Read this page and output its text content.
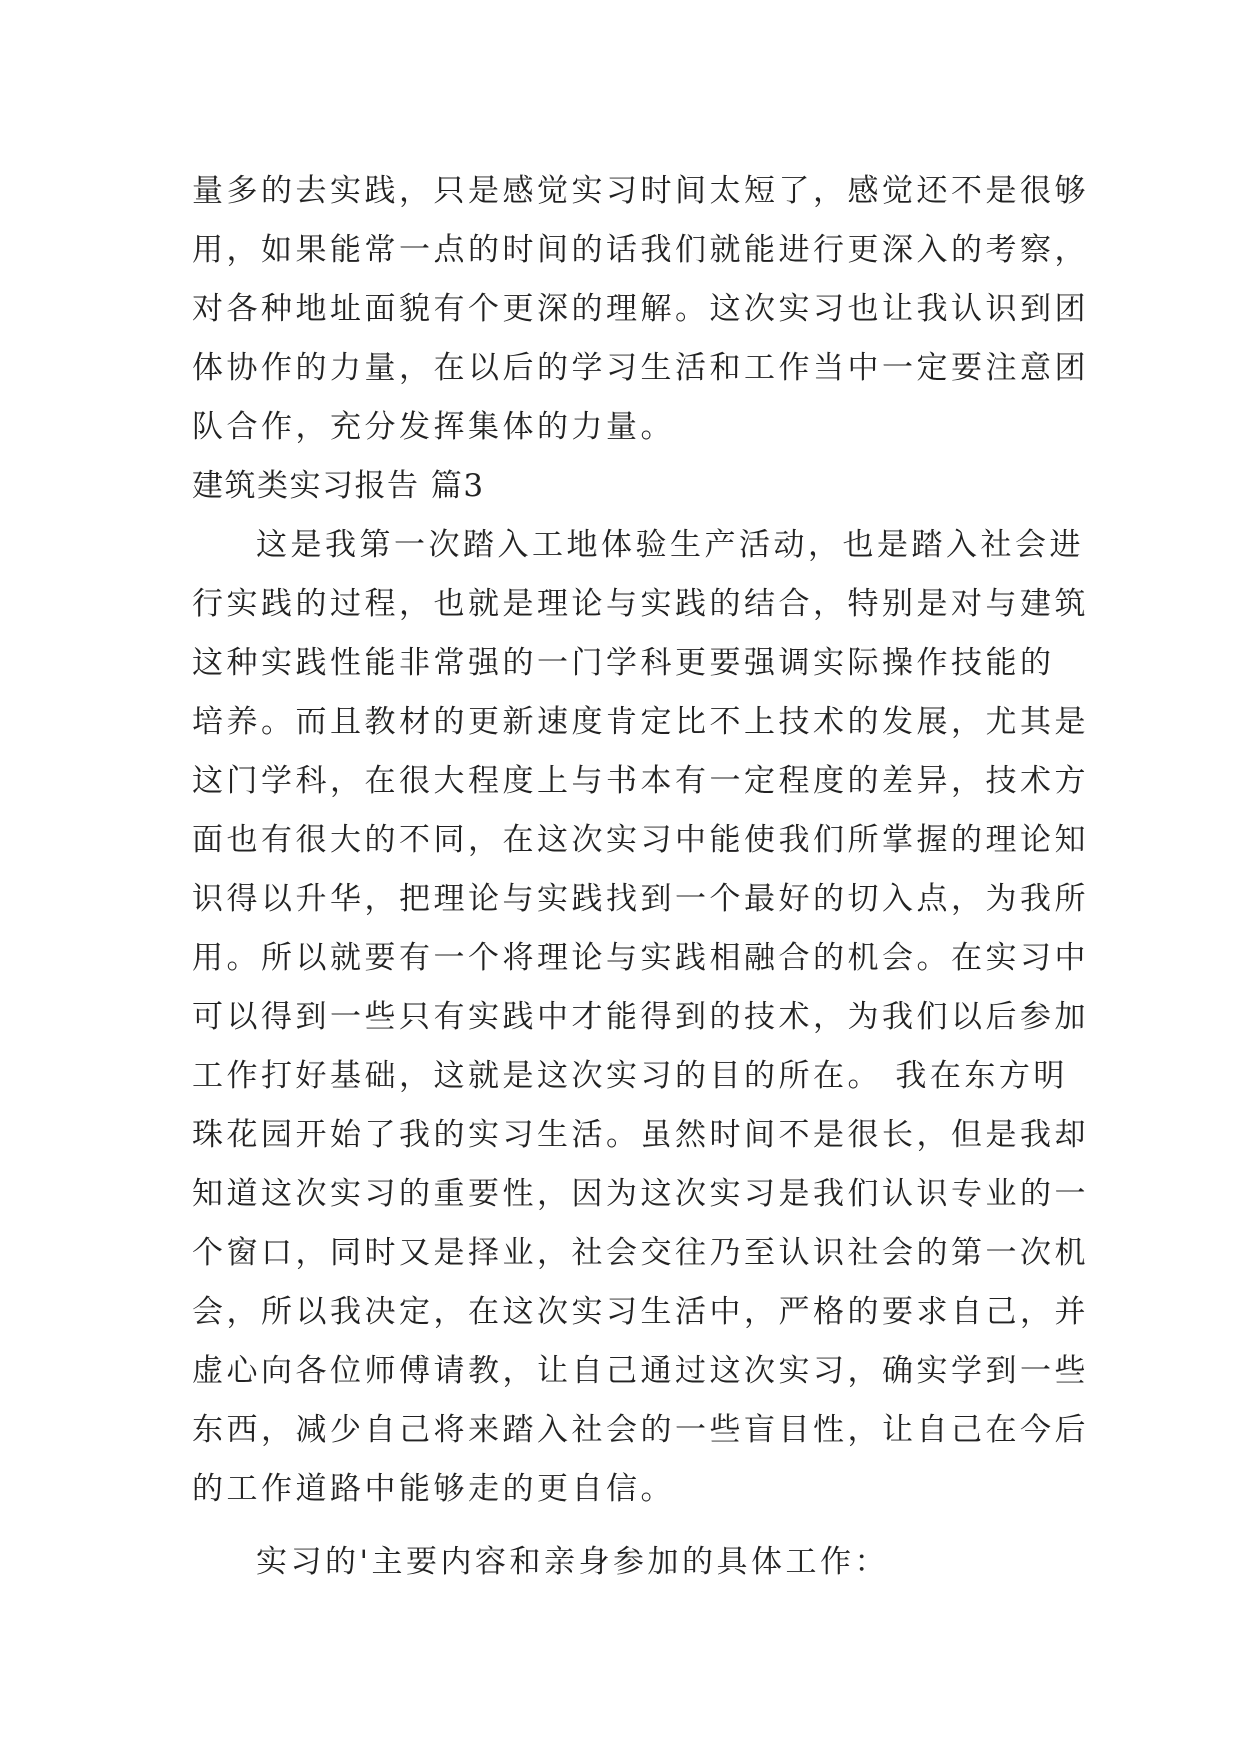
量多的去实践，只是感觉实习时间太短了，感觉还不是很够
用，如果能常一点的时间的话我们就能进行更深入的考察，
对各种地址面貌有个更深的理解。这次实习也让我认识到团
体协作的力量，在以后的学习生活和工作当中一定要注意团
队合作，充分发挥集体的力量。
建筑类实习报告 篇3
这是我第一次踏入工地体验生产活动，也是踏入社会进
行实践的过程，也就是理论与实践的结合，特别是对与建筑
这种实践性能非常强的一门学科更要强调实际操作技能的
培养。而且教材的更新速度肯定比不上技术的发展，尤其是
这门学科，在很大程度上与书本有一定程度的差异，技术方
面也有很大的不同，在这次实习中能使我们所掌握的理论知
识得以升华，把理论与实践找到一个最好的切入点，为我所
用。所以就要有一个将理论与实践相融合的机会。在实习中
可以得到一些只有实践中才能得到的技术，为我们以后参加
工作打好基础，这就是这次实习的目的所在。 我在东方明
珠花园开始了我的实习生活。虽然时间不是很长，但是我却
知道这次实习的重要性，因为这次实习是我们认识专业的一
个窗口，同时又是择业，社会交往乃至认识社会的第一次机
会，所以我决定，在这次实习生活中，严格的要求自己，并
虚心向各位师傅请教，让自己通过这次实习，确实学到一些
东西，减少自己将来踏入社会的一些盲目性，让自己在今后
的工作道路中能够走的更自信。
实习的'主要内容和亲身参加的具体工作：
